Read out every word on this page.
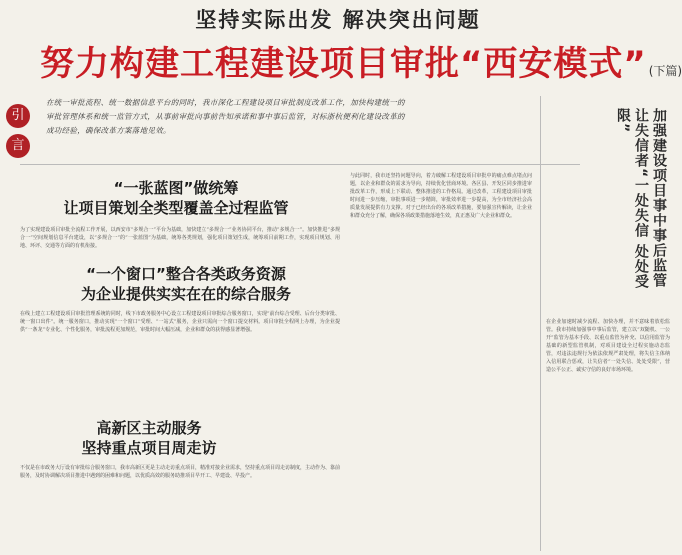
坚持实际出发 解决突出问题
努力构建工程建设项目审批“西安模式” (下篇)
引
言
在统一审批流程、统一数据信息平台的同时，我市深化工程建设项目审批制度改革工作，加快构建统一的审批管理体系和统一监管方式，从事前审批向事前告知承诺和事中事后监管，对标浙杭便利化建设改革的成功经验，确保改革方案落地见效。
“一张蓝图”做统筹
让项目策划全类型覆盖全过程监管
为了实现建设项目审批全流程工作开展，以西安市“多规合一”平台为基础，加快建立“多规合一”业务协同平台，推动“多规合一”。加快推进“多规合一”空间规划信息平台建设，以“多规合一”的“一张蓝图”为基础，统筹各类规划，强化项目策划生成，统筹项目前期工作，实现项目规划、用地、环评、交通等方面的有机衔接。
“一个窗口”整合各类政务资源
为企业提供实实在在的综合服务
在线上建立工程建设项目审批管理系统的同时，线下市政务服务中心设立工程建设项目审批综合服务窗口，实现“前台综合受理、后台分类审批、统一窗口出件”。统一服务窗口，推动实现“一个窗口”受理、“一站式”服务，企业只需向一个窗口提交材料。项目审批全程网上办理，为企业提供“一条龙”专业化、个性化服务，审批流程更加规范，审批时间大幅压减，企业和群众的获得感显著增强。
高新区主动服务
坚持重点项目周走访
不仅是在市政务大厅设有审批综合服务窗口，我市高新区更是主动走访重点项目，精准对接企业需求，坚持重点项目周走访制度，主动作为、靠前服务，及时协调解决项目推进中遇到的困难和问题，以优质高效的服务助推项目早开工、早建设、早投产。
与此同时，我市还坚持问题导向，着力破解工程建设项目审批中的痛点难点堵点问题，以企业和群众的需求为导向，持续优化营商环境。各区县、开发区同步推进审批改革工作，形成上下联动、整体推进的工作格局。通过改革，工程建设项目审批时间进一步压缩，审批事项进一步精简，审批效率进一步提高，为全市经济社会高质量发展提供有力支撑。对于已经出台的各项改革措施，要加强宣传解读，让企业和群众充分了解，确保各项政策措施落地生效，真正惠及广大企业和群众。	加强建设项目事中事后监管
让失信者“一处失信 处处受限”
在企业加速时减少流程、加快办理，并不意味着放松监管。我市持续加强事中事后监管，建立以“双随机、一公开”监管为基本手段、以重点监管为补充、以信用监管为基础的新型监管机制，对项目建设全过程实施动态监管，对违法违规行为依法依规严肃处理，将失信主体纳入信用联合惩戒，让失信者“一处失信、处处受限”，营造公平公正、诚实守信的良好市场环境。
